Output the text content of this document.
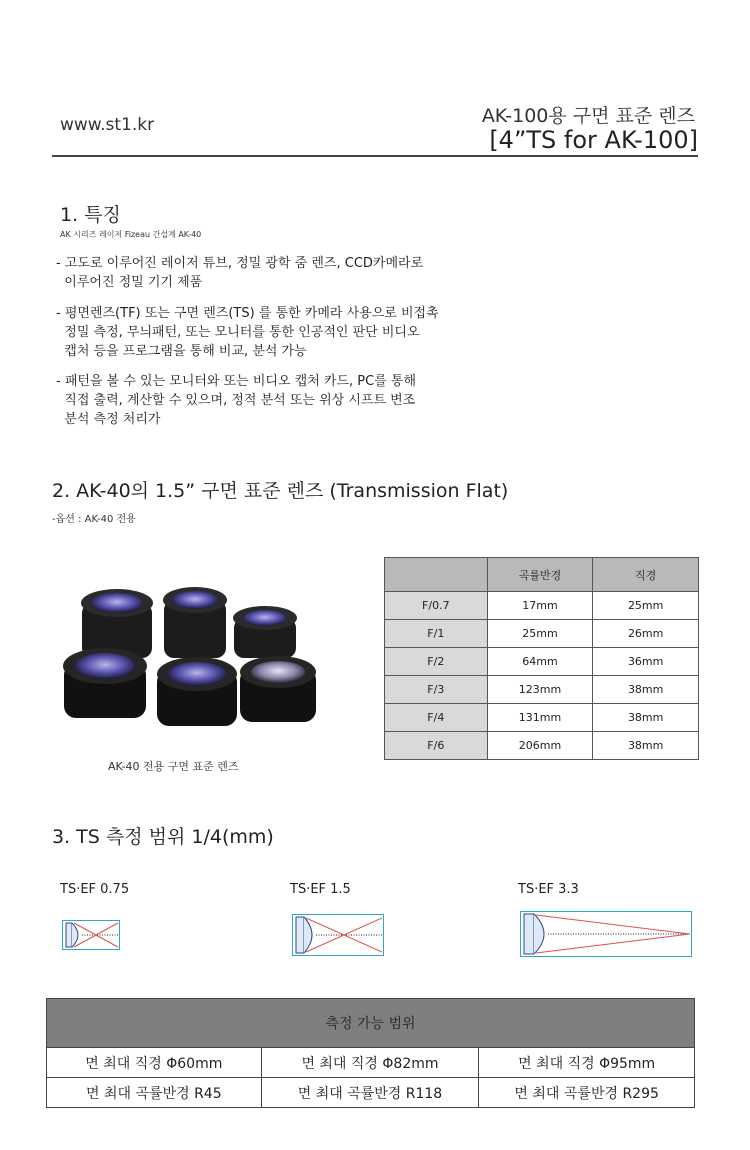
www.st1.kr	AK-100용 구면 표준 렌즈
[4”TS for AK-100]
1. 특징
AK 시리즈 레이저 Fizeau 간섭계 AK-40
- 고도로 이루어진 레이저 튜브, 정밀 광학 줌 렌즈, CCD카메라로
이루어진 정밀 기기 제품
- 평면렌즈(TF) 또는 구면 렌즈(TS) 를 통한 카메라 사용으로 비접촉
정밀 측정, 무늬패턴, 또는 모니터를 통한 인공적인 판단 비디오
캡처 등을 프로그램을 통해 비교, 분석 가능
- 패턴을 볼 수 있는 모니터와 또는 비디오 캡처 카드, PC를 통해
직접 출력, 계산할 수 있으며, 정적 분석 또는 위상 시프트 변조
분석 측정 처리가
2. AK-40의 1.5” 구면 표준 렌즈 (Transmission Flat)
-옵션 : AK-40 전용
AK-40 전용 구면 표준 렌즈
	곡률반경	직경
F/0.7	17mm	25mm
F/1	25mm	26mm
F/2	64mm	36mm
F/3	123mm	38mm
F/4	131mm	38mm
F/6	206mm	38mm
3. TS 측정 범위 1/4(mm)
TS·EF 0.75	TS·EF 1.5	TS·EF 3.3
측정 가능 범위		
면 최대 직경 Φ60mm	면 최대 직경 Φ82mm	면 최대 직경 Φ95mm
면 최대 곡률반경 R45	면 최대 곡률반경 R118	면 최대 곡률반경 R295
